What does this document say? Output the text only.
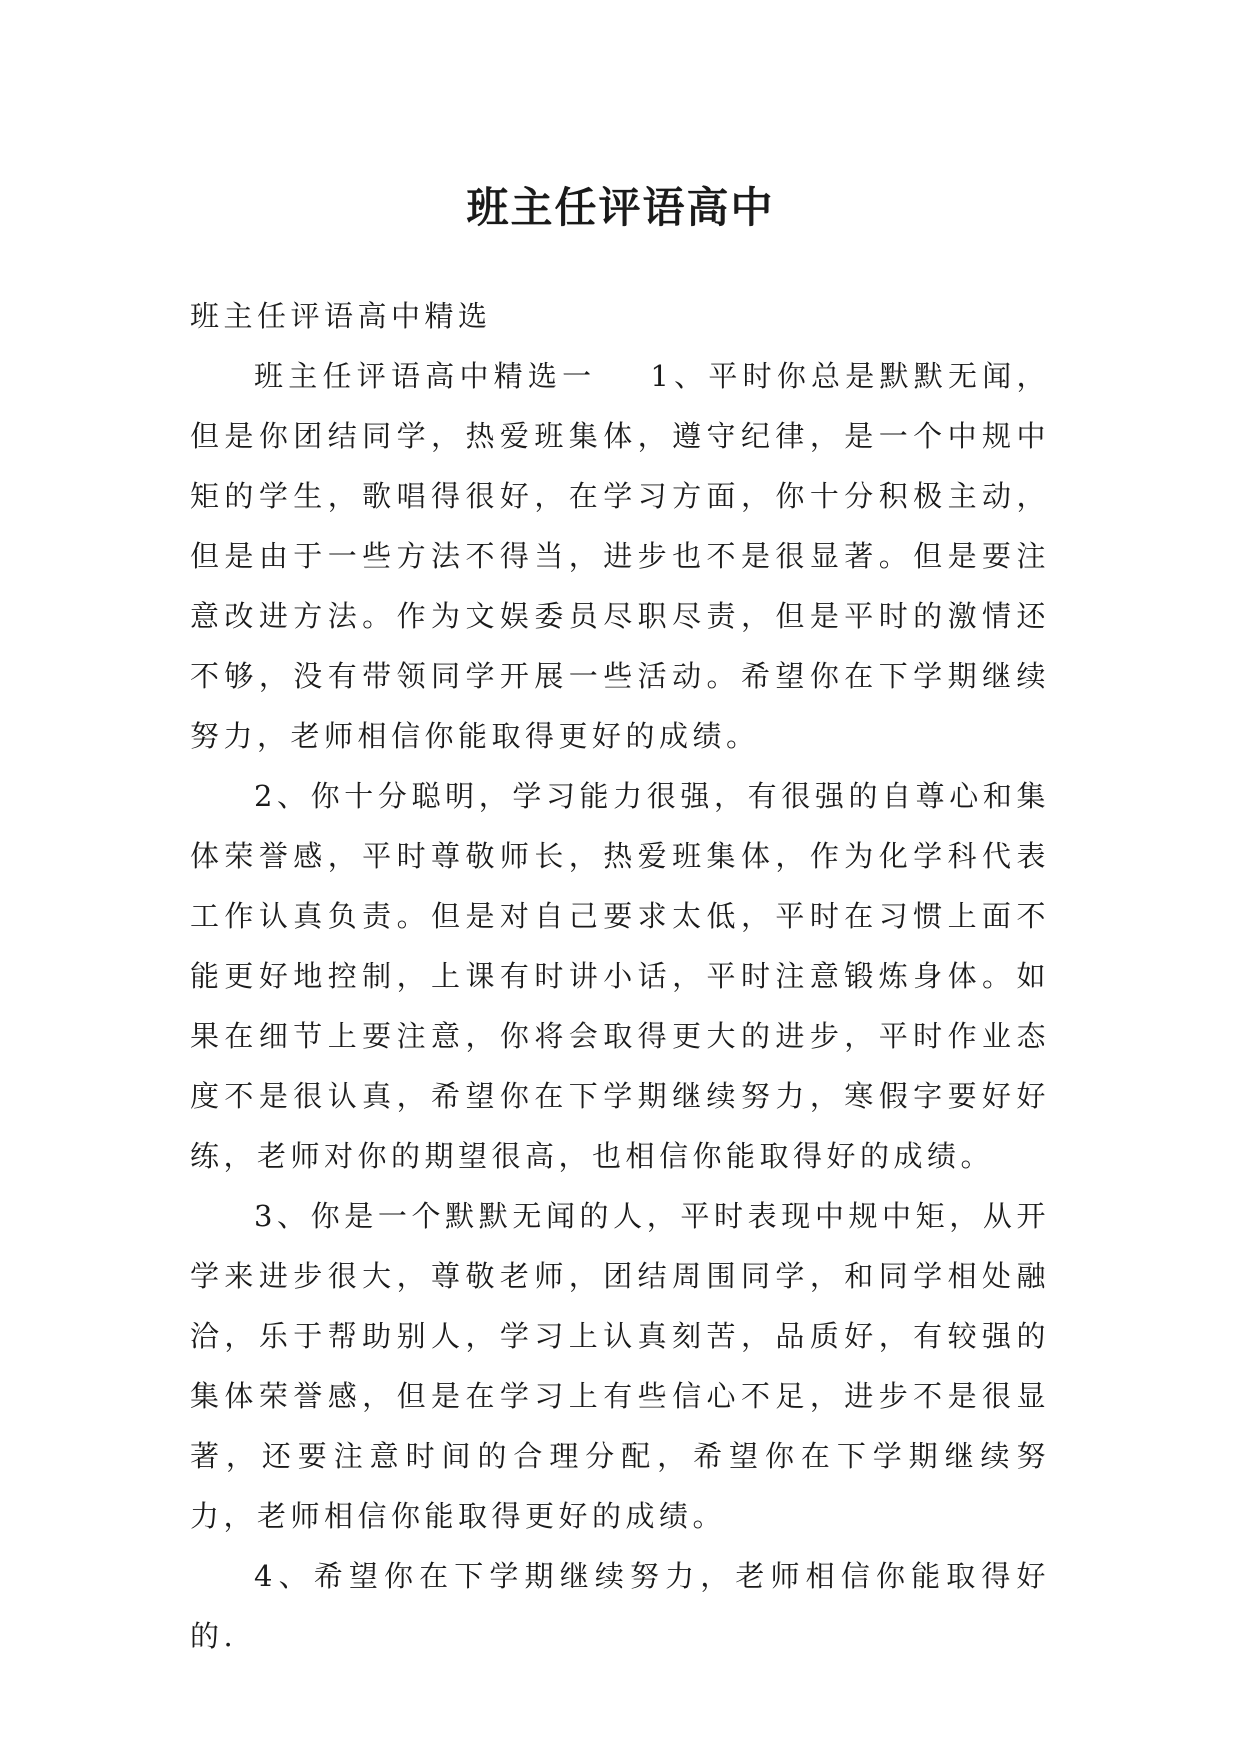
班主任评语高中

班主任评语高中精选

班主任评语高中精选一 1、平时你总是默默无闻，但是你团结同学，热爱班集体，遵守纪律，是一个中规中矩的学生，歌唱得很好，在学习方面，你十分积极主动，但是由于一些方法不得当，进步也不是很显著。但是要注意改进方法。作为文娱委员尽职尽责，但是平时的激情还不够，没有带领同学开展一些活动。希望你在下学期继续努力，老师相信你能取得更好的成绩。

2、你十分聪明，学习能力很强，有很强的自尊心和集体荣誉感，平时尊敬师长，热爱班集体，作为化学科代表工作认真负责。但是对自己要求太低，平时在习惯上面不能更好地控制，上课有时讲小话，平时注意锻炼身体。如果在细节上要注意，你将会取得更大的进步，平时作业态度不是很认真，希望你在下学期继续努力，寒假字要好好练，老师对你的期望很高，也相信你能取得好的成绩。

3、你是一个默默无闻的人，平时表现中规中矩，从开学来进步很大，尊敬老师，团结周围同学，和同学相处融洽，乐于帮助别人，学习上认真刻苦，品质好，有较强的集体荣誉感，但是在学习上有些信心不足，进步不是很显著，还要注意时间的合理分配，希望你在下学期继续努力，老师相信你能取得更好的成绩。

4、希望你在下学期继续努力，老师相信你能取得好的.
